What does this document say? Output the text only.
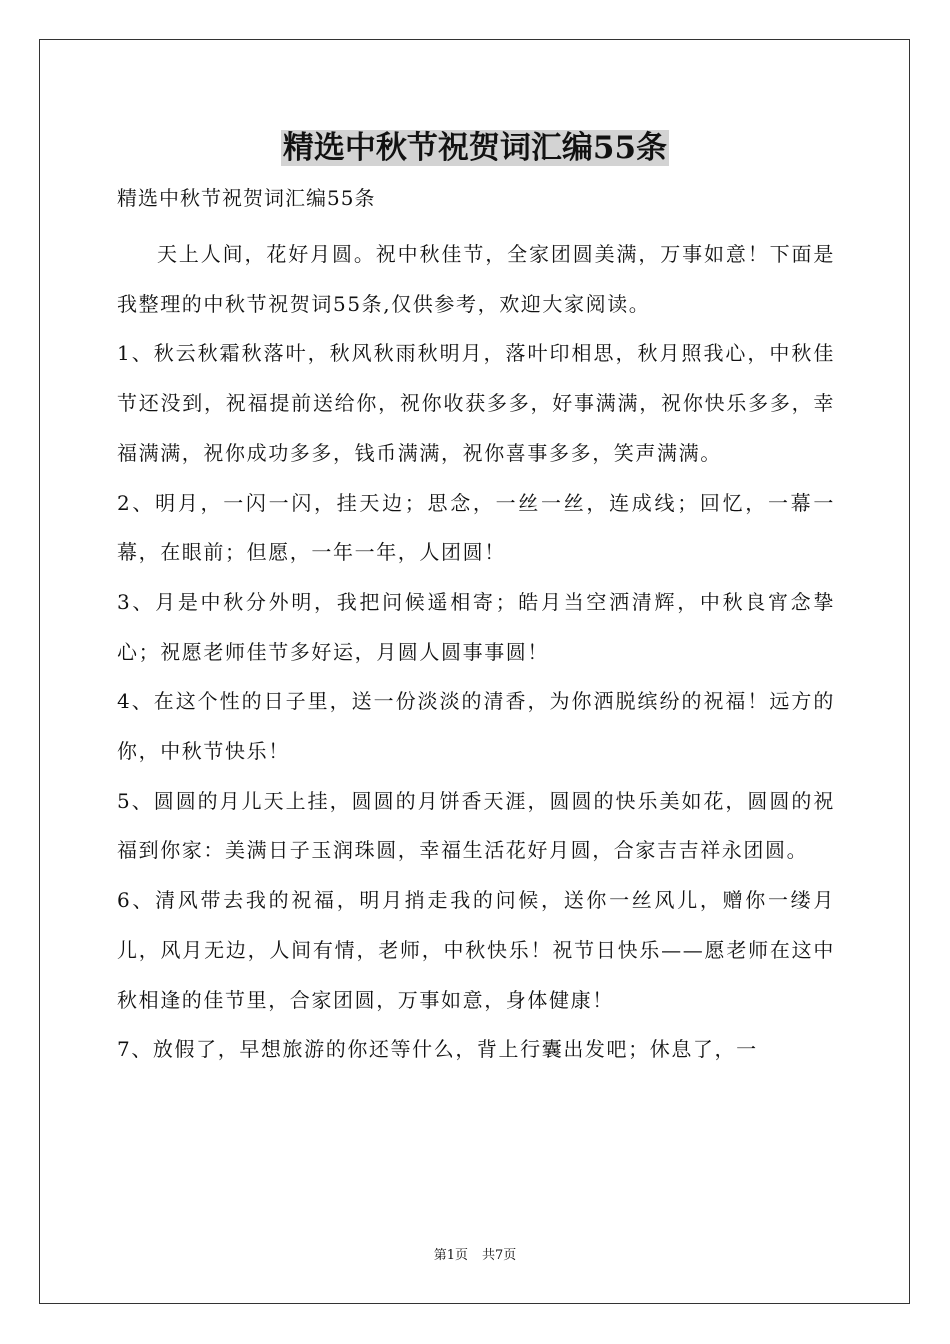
精选中秋节祝贺词汇编55条

精选中秋节祝贺词汇编55条

天上人间，花好月圆。祝中秋佳节，全家团圆美满，万事如意！下面是我整理的中秋节祝贺词55条,仅供参考，欢迎大家阅读。

1、秋云秋霜秋落叶，秋风秋雨秋明月，落叶印相思，秋月照我心，中秋佳节还没到，祝福提前送给你，祝你收获多多，好事满满，祝你快乐多多，幸福满满，祝你成功多多，钱币满满，祝你喜事多多，笑声满满。

2、明月，一闪一闪，挂天边；思念，一丝一丝，连成线；回忆，一幕一幕，在眼前；但愿，一年一年，人团圆！

3、月是中秋分外明，我把问候遥相寄；皓月当空洒清辉，中秋良宵念挚心；祝愿老师佳节多好运，月圆人圆事事圆！

4、在这个性的日子里，送一份淡淡的清香，为你洒脱缤纷的祝福！远方的你，中秋节快乐！

5、圆圆的月儿天上挂，圆圆的月饼香天涯，圆圆的快乐美如花，圆圆的祝福到你家：美满日子玉润珠圆，幸福生活花好月圆，合家吉吉祥永团圆。

6、清风带去我的祝福，明月捎走我的问候，送你一丝风儿，赠你一缕月儿，风月无边，人间有情，老师，中秋快乐！祝节日快乐——愿老师在这中秋相逢的佳节里，合家团圆，万事如意，身体健康！

7、放假了，早想旅游的你还等什么，背上行囊出发吧；休息了，一

第1页 共7页
